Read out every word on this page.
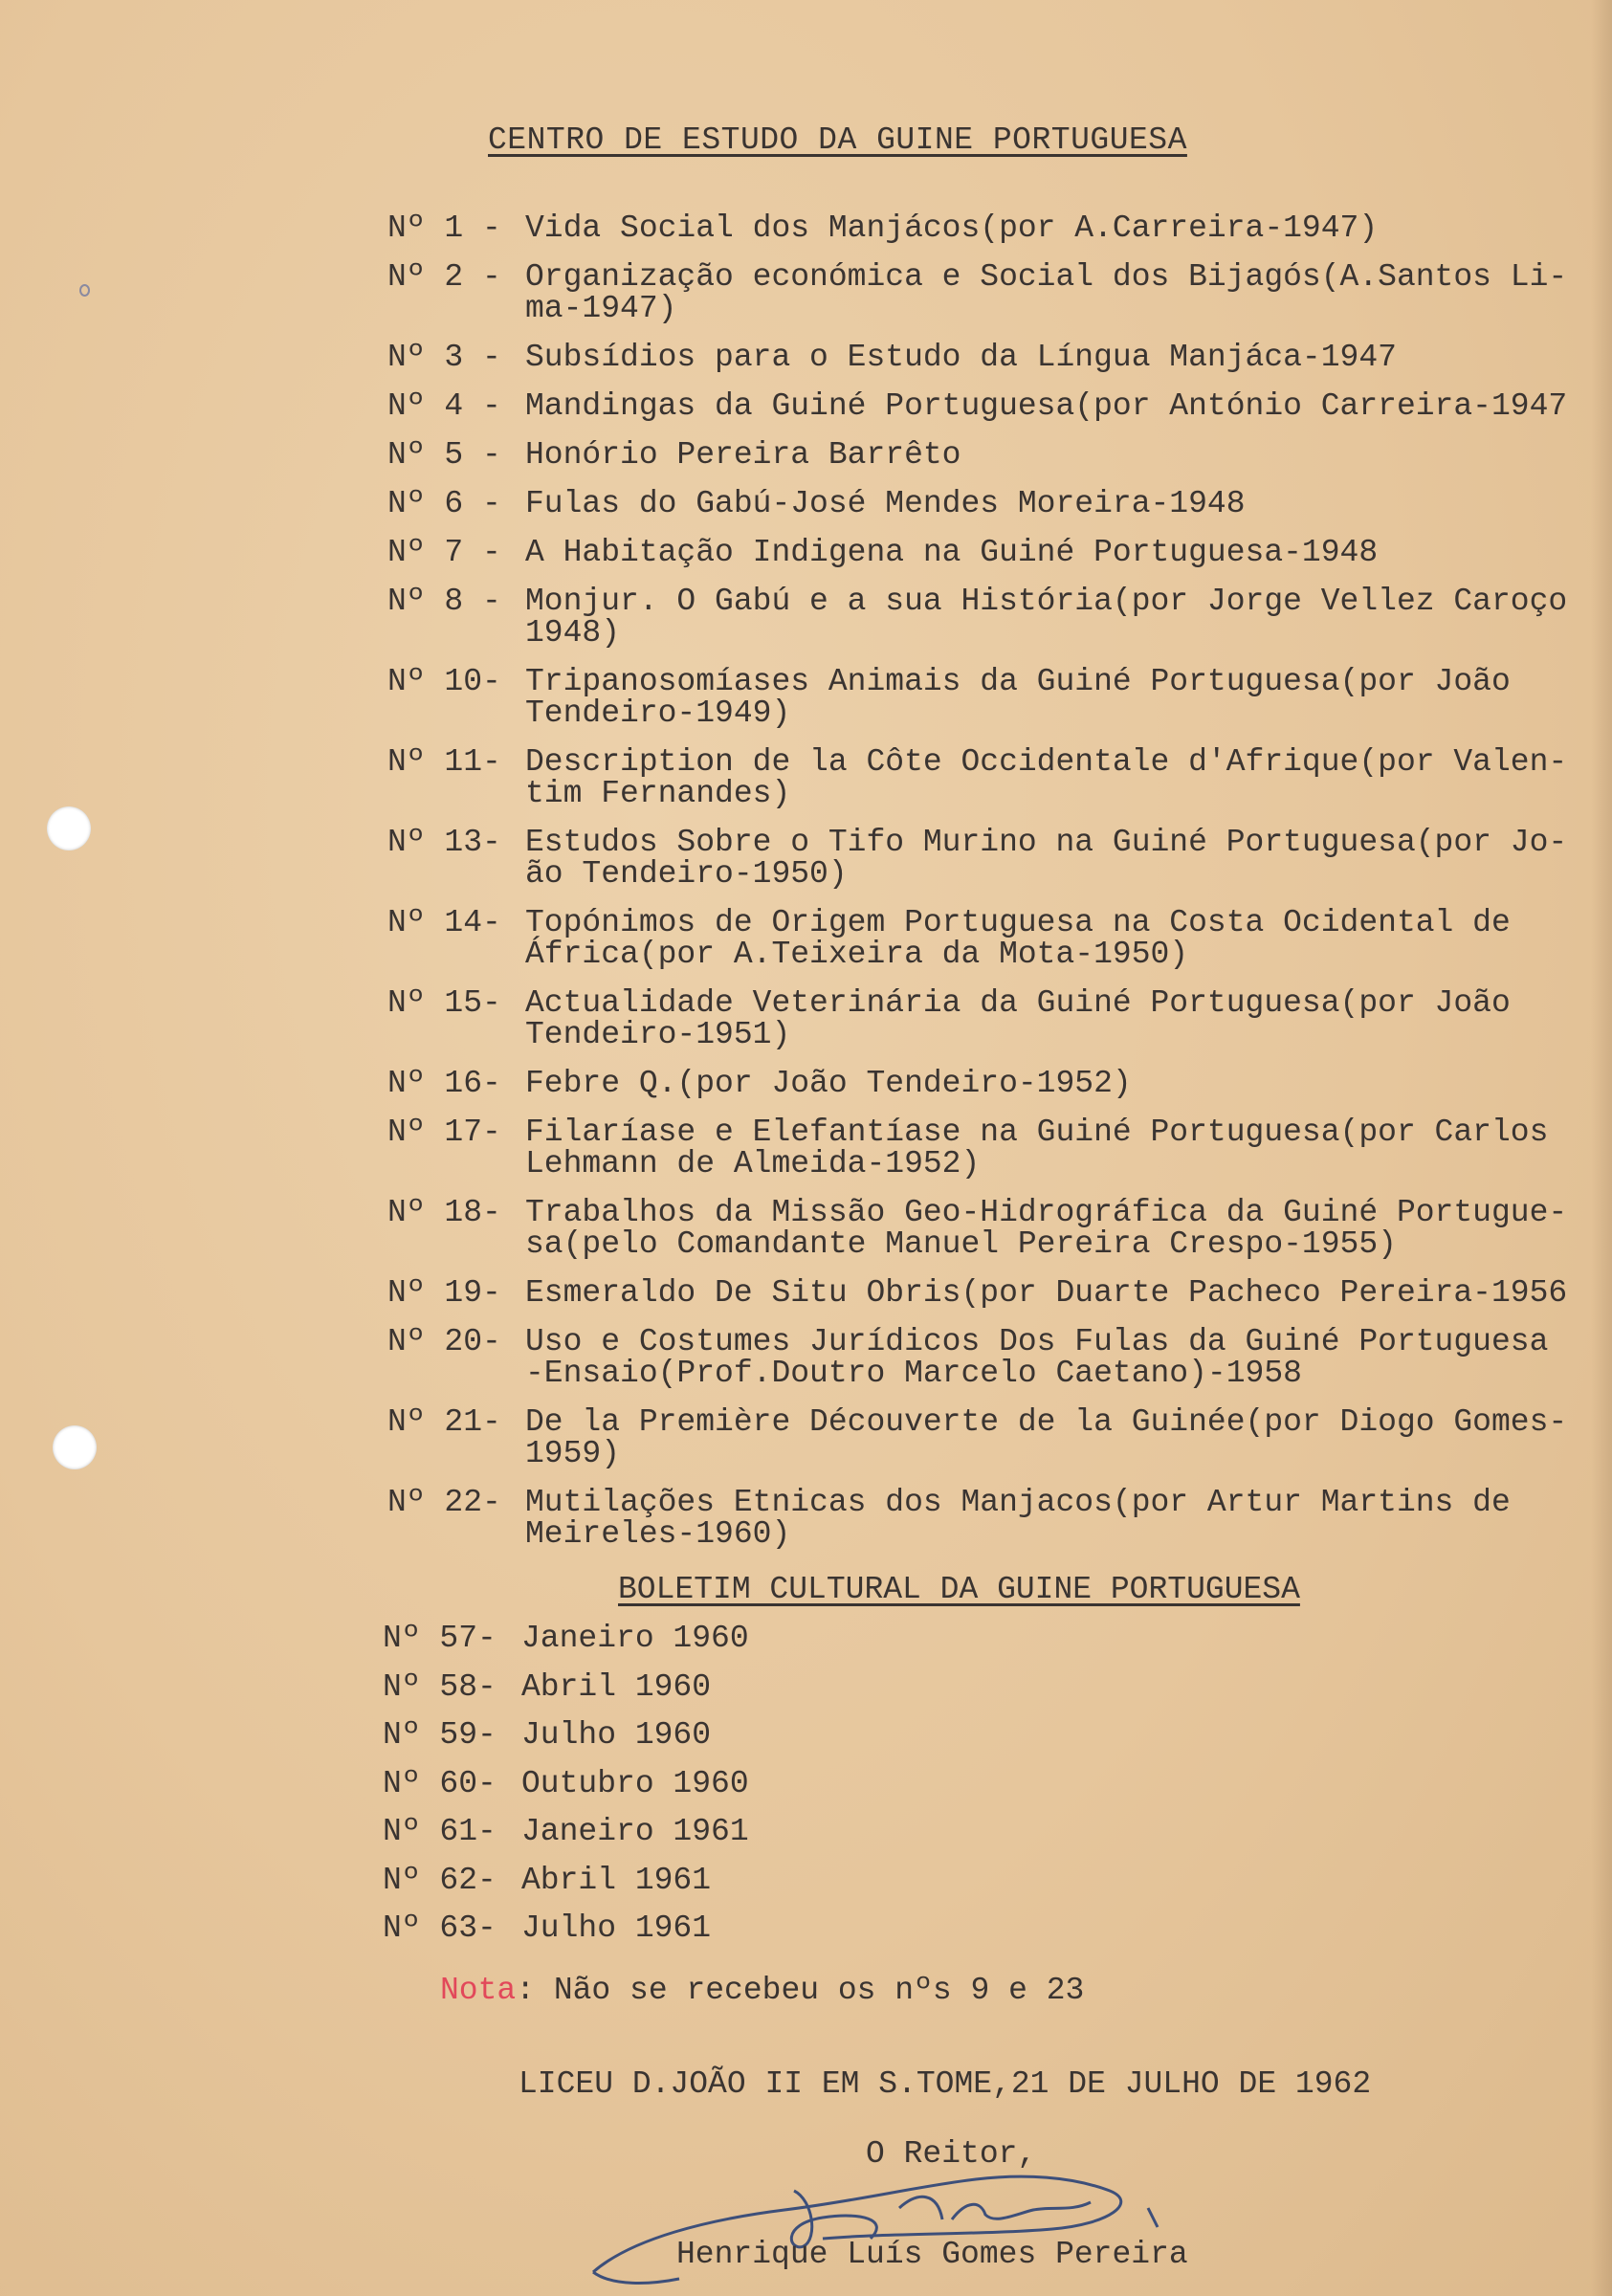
CENTRO DE ESTUDO DA GUINE PORTUGUESA
Nº 1 - Vida Social dos Manjácos(por A.Carreira-1947)
Nº 2 - Organização económica e Social dos Bijagós(A.Santos Li-
ma-1947)
Nº 3 - Subsídios para o Estudo da Língua Manjáca-1947
Nº 4 - Mandingas da Guiné Portuguesa(por António Carreira-1947
Nº 5 - Honório Pereira Barrêto
Nº 6 - Fulas do Gabú-José Mendes Moreira-1948
Nº 7 - A Habitação Indigena na Guiné Portuguesa-1948
Nº 8 - Monjur. O Gabú e a sua História(por Jorge Vellez Caroço
1948)
Nº 10- Tripanosomíases Animais da Guiné Portuguesa(por João
Tendeiro-1949)
Nº 11- Description de la Côte Occidentale d'Afrique(por Valen-
tim Fernandes)
Nº 13- Estudos Sobre o Tifo Murino na Guiné Portuguesa(por Jo-
ão Tendeiro-1950)
Nº 14- Topónimos de Origem Portuguesa na Costa Ocidental de
África(por A.Teixeira da Mota-1950)
Nº 15- Actualidade Veterinária da Guiné Portuguesa(por João
Tendeiro-1951)
Nº 16- Febre Q.(por João Tendeiro-1952)
Nº 17- Filaríase e Elefantíase na Guiné Portuguesa(por Carlos
Lehmann de Almeida-1952)
Nº 18- Trabalhos da Missão Geo-Hidrográfica da Guiné Portugue-
sa(pelo Comandante Manuel Pereira Crespo-1955)
Nº 19- Esmeraldo De Situ Obris(por Duarte Pacheco Pereira-1956
Nº 20- Uso e Costumes Jurídicos Dos Fulas da Guiné Portuguesa
-Ensaio(Prof.Doutro Marcelo Caetano)-1958
Nº 21- De la Première Découverte de la Guinée(por Diogo Gomes-
1959)
Nº 22- Mutilações Etnicas dos Manjacos(por Artur Martins de
Meireles-1960)
BOLETIM CULTURAL DA GUINE PORTUGUESA
Nº 57- Janeiro 1960
Nº 58- Abril 1960
Nº 59- Julho 1960
Nº 60- Outubro 1960
Nº 61- Janeiro 1961
Nº 62- Abril 1961
Nº 63- Julho 1961
Nota: Não se recebeu os nºs 9 e 23
LICEU D.JOÃO II EM S.TOME,21 DE JULHO DE 1962
O Reitor,
Henrique Luís Gomes Pereira
